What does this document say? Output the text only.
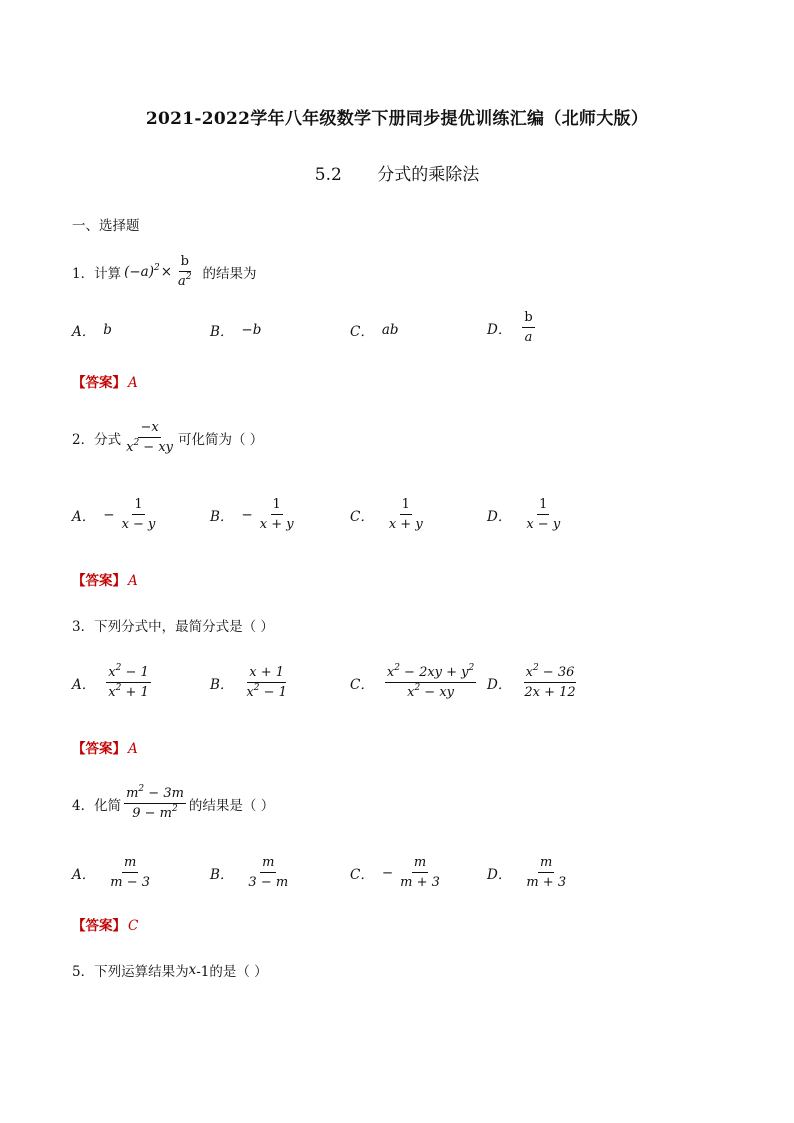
2021-2022学年八年级数学下册同步提优训练汇编（北师大版）
5.2 分式的乘除法
一、选择题
1． 计算 $(-a)^2 \times \frac{b}{a^2}$ 的结果为
A． b	B． −b	C． ab	D． $\frac{b}{a}$
【答案】 A
2． 分式 $\frac{-x}{x^2 - xy}$ 可化简为（ ）
A． − $\frac{1}{x - y}$	B． − $\frac{1}{x + y}$	C． $\frac{1}{x + y}$	D． $\frac{1}{x - y}$
【答案】 A
3． 下列分式中，最简分式是（ ）
A． $\frac{x^2 - 1}{x^2 + 1}$	B． $\frac{x + 1}{x^2 - 1}$	C． $\frac{x^2 - 2xy + y^2}{x^2 - xy}$ D． $\frac{x^2 - 36}{2x + 12}$
【答案】 A
4． 化简 $\frac{m^2 - 3m}{9 - m^2}$ 的结果是（ ）
A． $\frac{m}{m - 3}$	B． $\frac{m}{3 - m}$	C． − $\frac{m}{m + 3}$	D． $\frac{m}{m + 3}$
【答案】 C
5． 下列运算结果为 x -1的是（ ）
